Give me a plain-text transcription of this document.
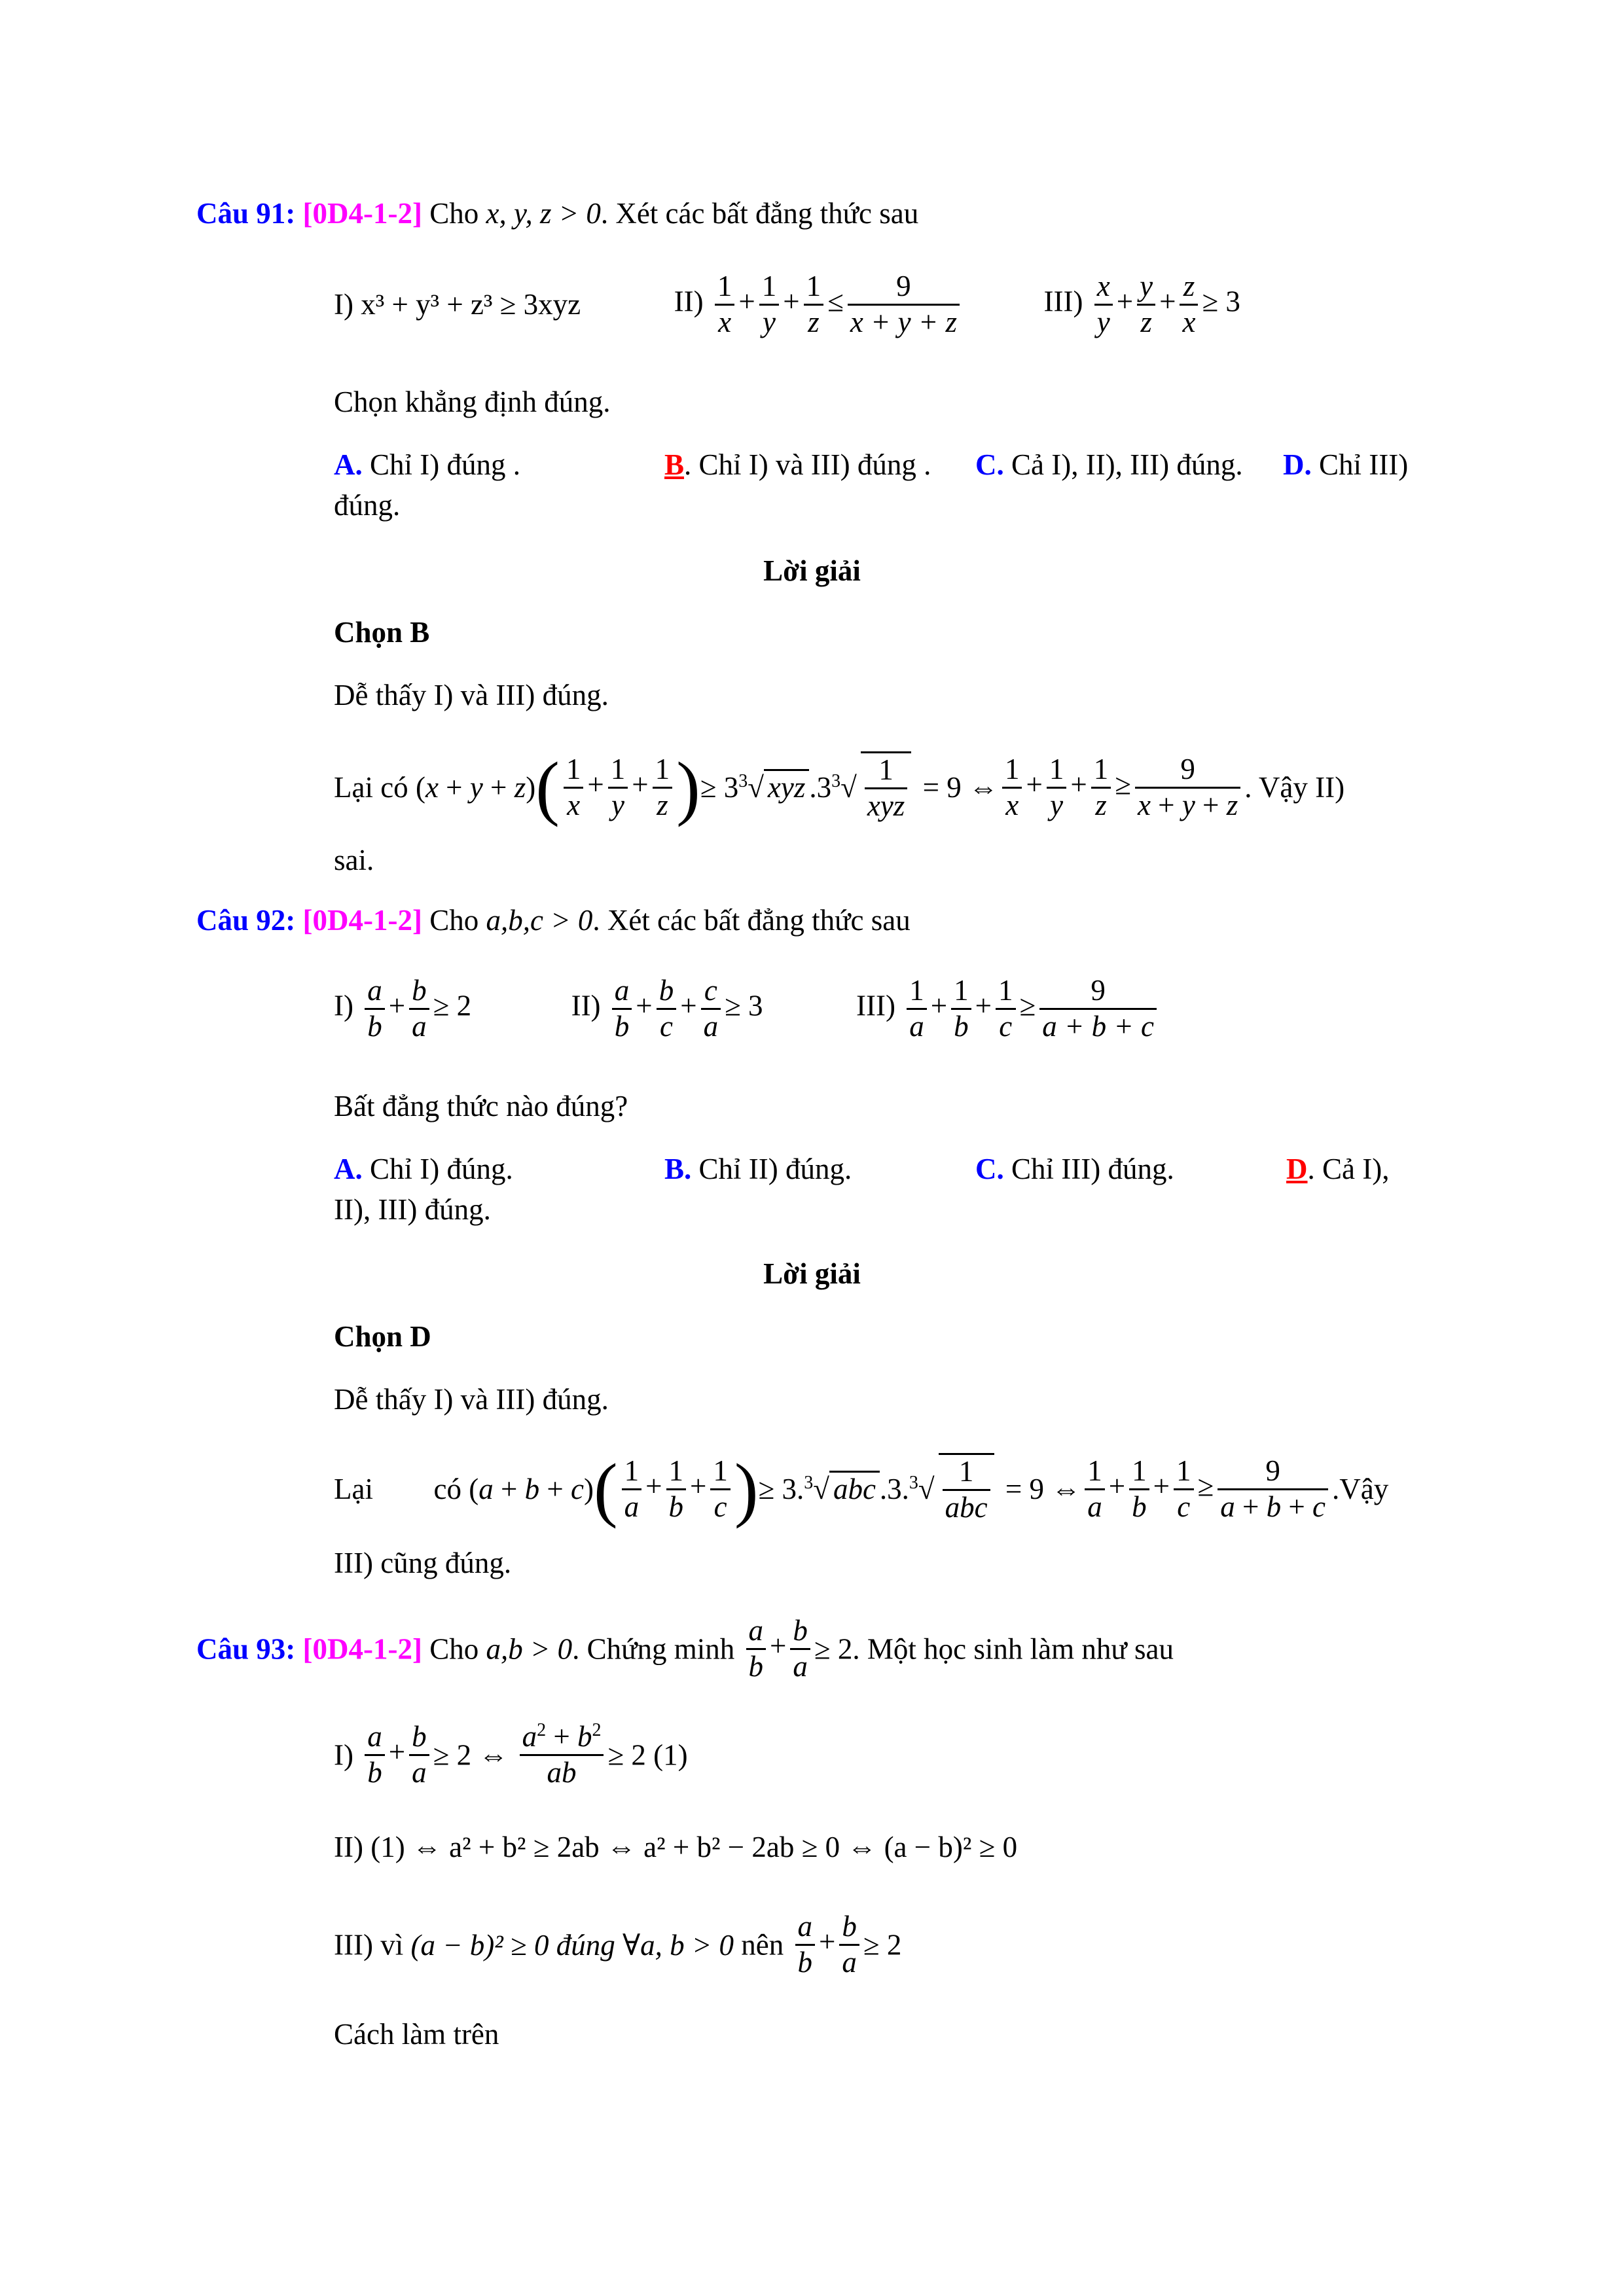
Câu 91: [0D4-1-2] Cho x, y, z > 0. Xét các bất đẳng thức sau
I) x³ + y³ + z³ ≥ 3xyz	$II) \frac{1}{x} + \frac{1}{y} + \frac{1}{z} \le \frac{9}{x + y + z}$	$III) \frac{x}{y} + \frac{y}{z} + \frac{z}{x} \ge 3$
Chọn khẳng định đúng.
A. Chỉ I) đúng .	B. Chỉ I) và III) đúng . C. Cả I), II), III) đúng. D. Chỉ III)
đúng.
Lời giải
Chọn B
Dễ thấy I) và III) đúng.
Lại có $(x + y + z)( \frac{1}{x} + \frac{1}{y} + \frac{1}{z}$ )≥ $3^3√$ xyz $.3^3√$
1
xyz
= 9 ⇔ $\frac{1}{x} + \frac{1}{y} + \frac{1}{z} \ge \frac{9}{x + y + z}$ . Vậy II)
sai.
Câu 92: [0D4-1-2] Cho a,b,c > 0. Xét các bất đẳng thức sau
$I) \frac{a}{b} + \frac{b}{a} \ge 2$	$II) \frac{a}{b} + \frac{b}{c} + \frac{c}{a} \ge 3$	$III) \frac{1}{a} + \frac{1}{b} + \frac{1}{c} \ge \frac{9}{a + b + c}$
Bất đẳng thức nào đúng?
A. Chỉ I) đúng.	B. Chỉ II) đúng.	C. Chỉ III) đúng.	D. Cả I),
II), III) đúng.
Lời giải
Chọn D
Dễ thấy I) và III) đúng.
Lại có $(a + b + c)( \frac{1}{a} + \frac{1}{b} + \frac{1}{c}$ )≥ 3.$^3$√ abc .3.$^3$√
1
abc
= 9 ⇔ $\frac{1}{a} + \frac{1}{b} + \frac{1}{c} \ge \frac{9}{a + b + c}$ .Vậy
III) cũng đúng.
Câu 93: [0D4-1-2] Cho a,b > 0. Chứng minh $\frac{a}{b} + \frac{b}{a} \ge 2$. Một học sinh làm như sau
$I) \frac{a}{b} + \frac{b}{a} \ge 2$ ⇔ $\frac{a^2 + b^2}{ab} \ge 2$ (1)
II) (1) ⇔ a² + b² ≥ 2ab ⇔ a² + b² − 2ab ≥ 0 ⇔ (a − b)² ≥ 0
III) vì (a − b)² ≥ 0 đúng ∀a, b > 0 nên $\frac{a}{b} + \frac{b}{a} \ge 2$
Cách làm trên
